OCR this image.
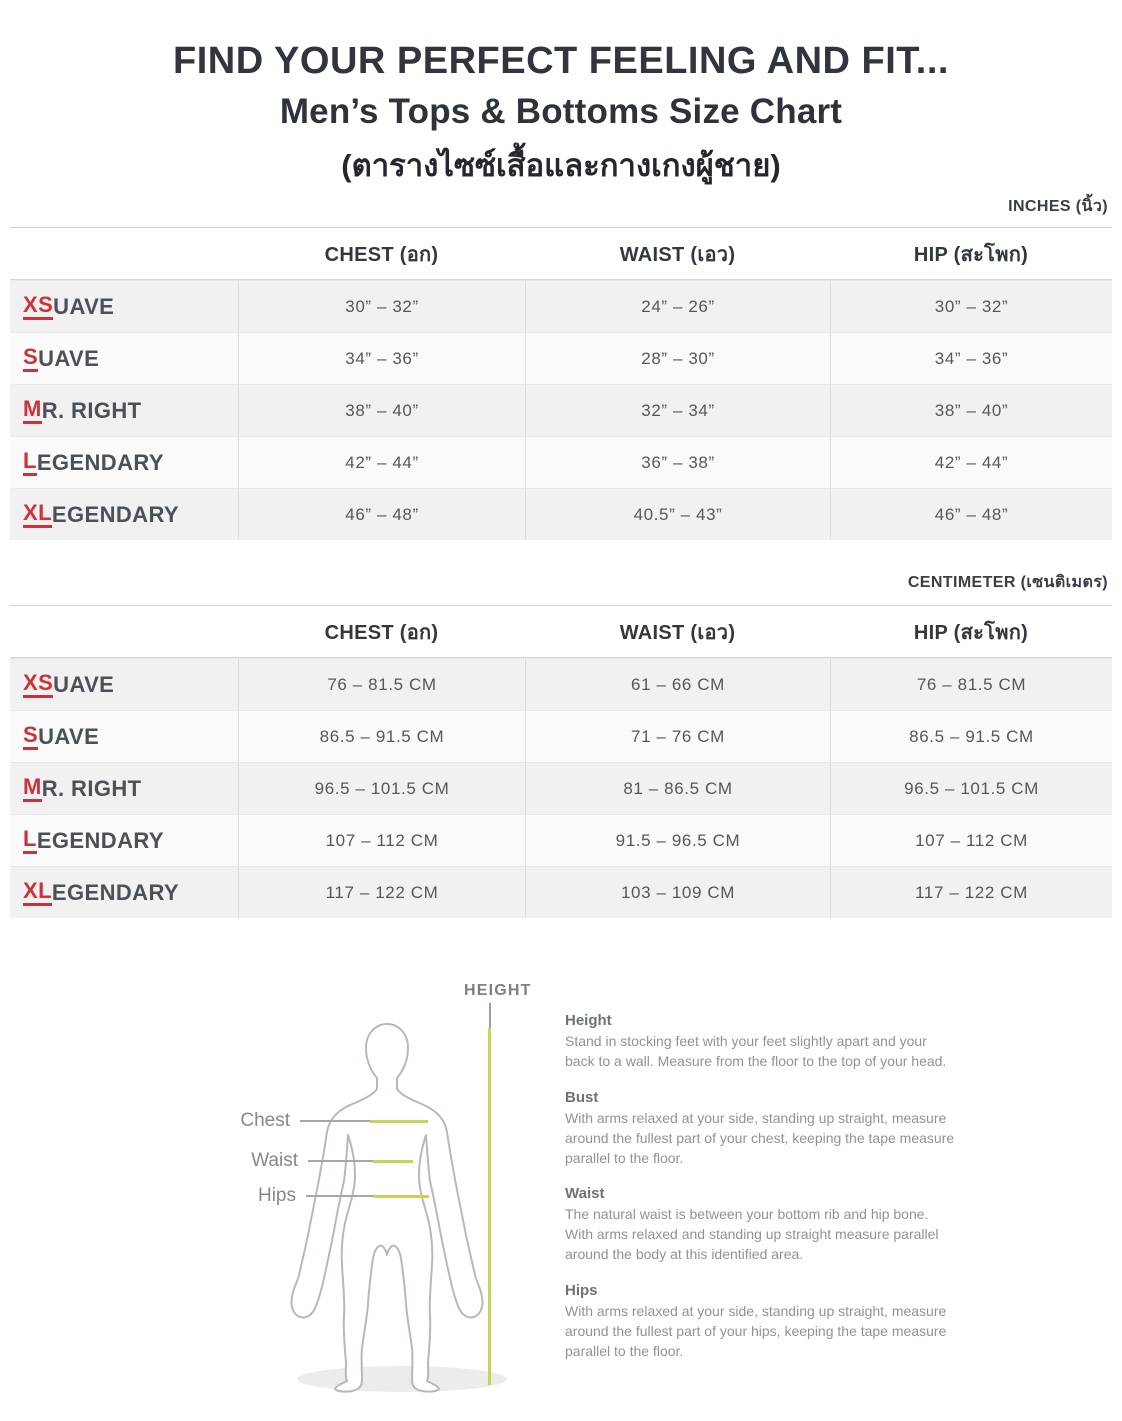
FIND YOUR PERFECT FEELING AND FIT...
Men’s Tops & Bottoms Size Chart
(ตารางไซซ์เสื้อและกางเกงผู้ชาย)
INCHES (นิ้ว)
CENTIMETER (เซนติเมตร)
CHEST (อก)	WAIST (เอว)	HIP (สะโพก)
XS UAVE	30” – 32”	24” – 26”	30” – 32”
S UAVE	34” – 36”	28” – 30”	34” – 36”
M R. RIGHT	38” – 40”	32” – 34”	38” – 40”
L EGENDARY	42” – 44”	36” – 38”	42” – 44”
XL EGENDARY	46” – 48”	40.5” – 43”	46” – 48”
CHEST (อก)	WAIST (เอว)	HIP (สะโพก)
XS UAVE	76 – 81.5 CM	61 – 66 CM	76 – 81.5 CM
S UAVE	86.5 – 91.5 CM	71 – 76 CM	86.5 – 91.5 CM
M R. RIGHT	96.5 – 101.5 CM	81 – 86.5 CM	96.5 – 101.5 CM
L EGENDARY	107 – 112 CM	91.5 – 96.5 CM	107 – 112 CM
XL EGENDARY	117 – 122 CM	103 – 109 CM	117 – 122 CM
HEIGHT
Chest
Waist
Hips
Height
Stand in stocking feet with your feet slightly apart and your back to a wall. Measure from the floor to the top of your head.
Bust
With arms relaxed at your side, standing up straight, measure around the fullest part of your chest, keeping the tape measure parallel to the floor.
Waist
The natural waist is between your bottom rib and hip bone. With arms relaxed and standing up straight measure parallel around the body at this identified area.
Hips
With arms relaxed at your side, standing up straight, measure around the fullest part of your hips, keeping the tape measure parallel to the floor.
